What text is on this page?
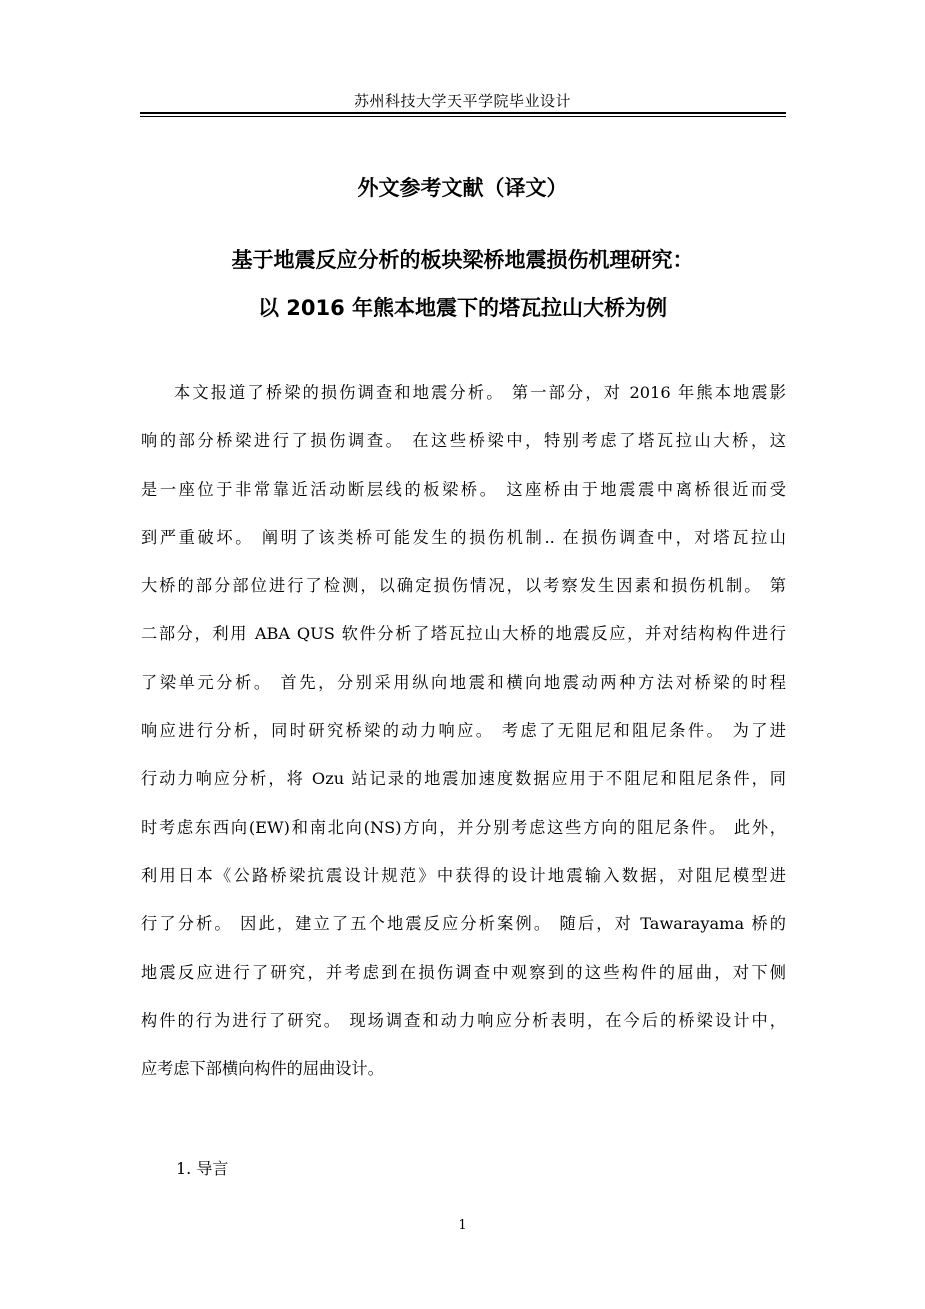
苏州科技大学天平学院毕业设计
外文参考文献（译文）
基于地震反应分析的板块梁桥地震损伤机理研究：
以 2016 年熊本地震下的塔瓦拉山大桥为例
本文报道了桥梁的损伤调查和地震分析。 第一部分，对 2016 年熊本地震影
响的部分桥梁进行了损伤调查。 在这些桥梁中，特别考虑了塔瓦拉山大桥，这
是一座位于非常靠近活动断层线的板梁桥。 这座桥由于地震震中离桥很近而受
到严重破坏。 阐明了该类桥可能发生的损伤机制.. 在损伤调查中，对塔瓦拉山
大桥的部分部位进行了检测，以确定损伤情况，以考察发生因素和损伤机制。 第
二部分，利用 ABA QUS 软件分析了塔瓦拉山大桥的地震反应，并对结构构件进行
了梁单元分析。 首先，分别采用纵向地震和横向地震动两种方法对桥梁的时程
响应进行分析，同时研究桥梁的动力响应。 考虑了无阻尼和阻尼条件。 为了进
行动力响应分析，将 Ozu 站记录的地震加速度数据应用于不阻尼和阻尼条件，同
时考虑东西向(EW)和南北向(NS)方向，并分别考虑这些方向的阻尼条件。 此外，
利用日本《公路桥梁抗震设计规范》中获得的设计地震输入数据，对阻尼模型进
行了分析。 因此，建立了五个地震反应分析案例。 随后，对 Tawarayama 桥的
地震反应进行了研究，并考虑到在损伤调查中观察到的这些构件的屈曲，对下侧
构件的行为进行了研究。 现场调查和动力响应分析表明，在今后的桥梁设计中，
应考虑下部横向构件的屈曲设计。
1. 导言
1
